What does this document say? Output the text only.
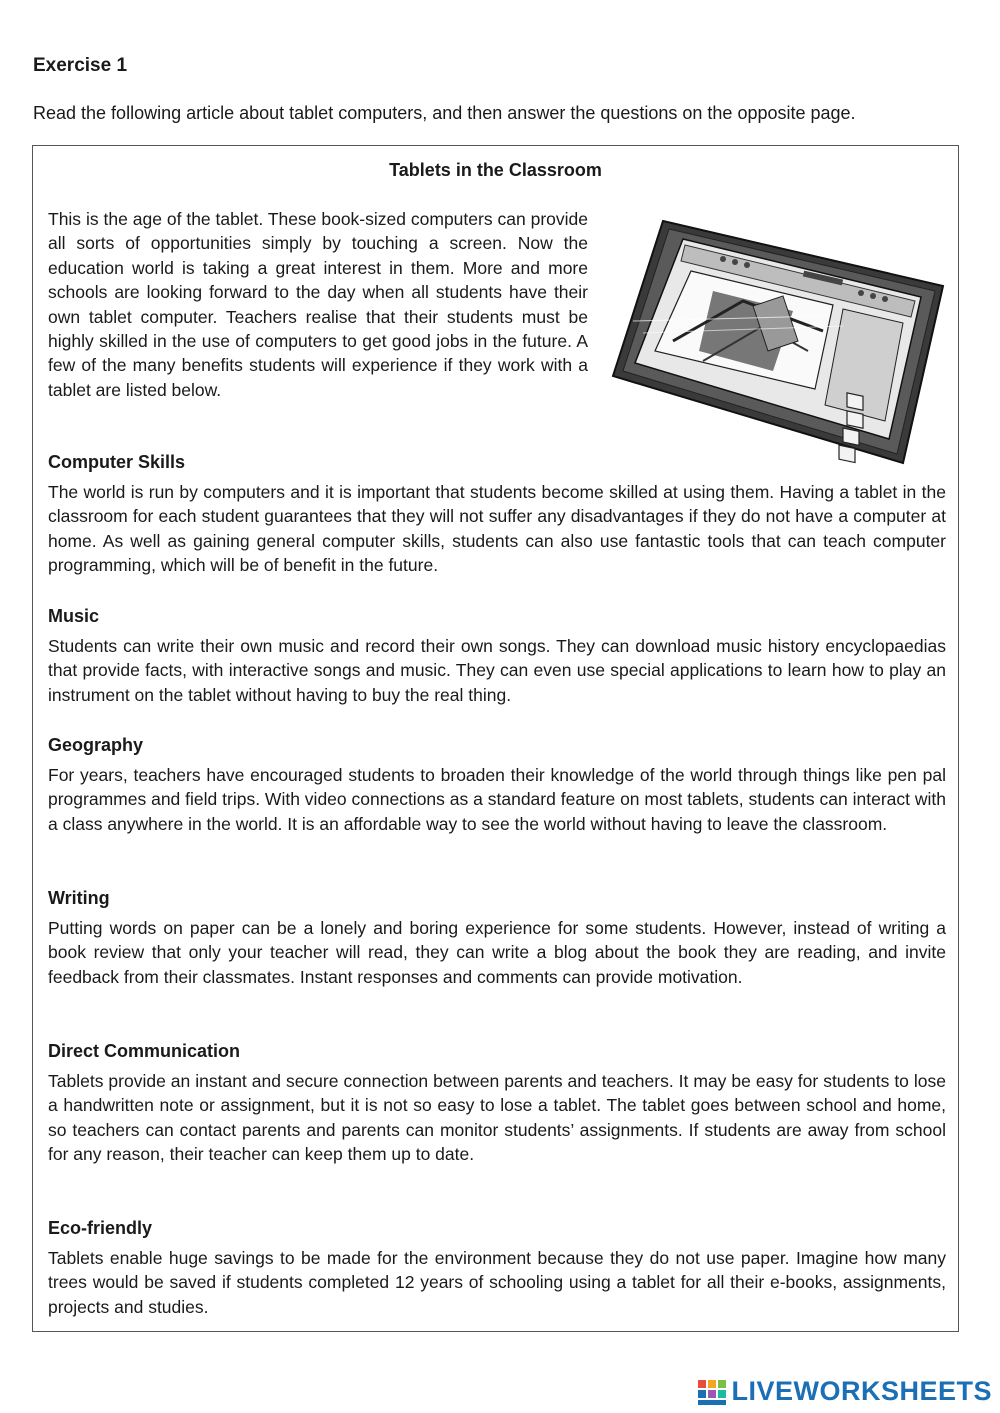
Exercise 1

Read the following article about tablet computers, and then answer the questions on the opposite page.

Tablets in the Classroom

This is the age of the tablet. These book-sized computers can provide all sorts of opportunities simply by touching a screen. Now the education world is taking a great interest in them. More and more schools are looking forward to the day when all students have their own tablet computer. Teachers realise that their students must be highly skilled in the use of computers to get good jobs in the future. A few of the many benefits students will experience if they work with a tablet are listed below.

Computer Skills

The world is run by computers and it is important that students become skilled at using them. Having a tablet in the classroom for each student guarantees that they will not suffer any disadvantages if they do not have a computer at home. As well as gaining general computer skills, students can also use fantastic tools that can teach computer programming, which will be of benefit in the future.

Music

Students can write their own music and record their own songs. They can download music history encyclopaedias that provide facts, with interactive songs and music. They can even use special applications to learn how to play an instrument on the tablet without having to buy the real thing.

Geography

For years, teachers have encouraged students to broaden their knowledge of the world through things like pen pal programmes and field trips. With video connections as a standard feature on most tablets, students can interact with a class anywhere in the world. It is an affordable way to see the world without having to leave the classroom.

Writing

Putting words on paper can be a lonely and boring experience for some students. However, instead of writing a book review that only your teacher will read, they can write a blog about the book they are reading, and invite feedback from their classmates. Instant responses and comments can provide motivation.

Direct Communication

Tablets provide an instant and secure connection between parents and teachers. It may be easy for students to lose a handwritten note or assignment, but it is not so easy to lose a tablet. The tablet goes between school and home, so teachers can contact parents and parents can monitor students’ assignments. If students are away from school for any reason, their teacher can keep them up to date.

Eco-friendly

Tablets enable huge savings to be made for the environment because they do not use paper. Imagine how many trees would be saved if students completed 12 years of schooling using a tablet for all their e-books, assignments, projects and studies.

LIVEWORKSHEETS
